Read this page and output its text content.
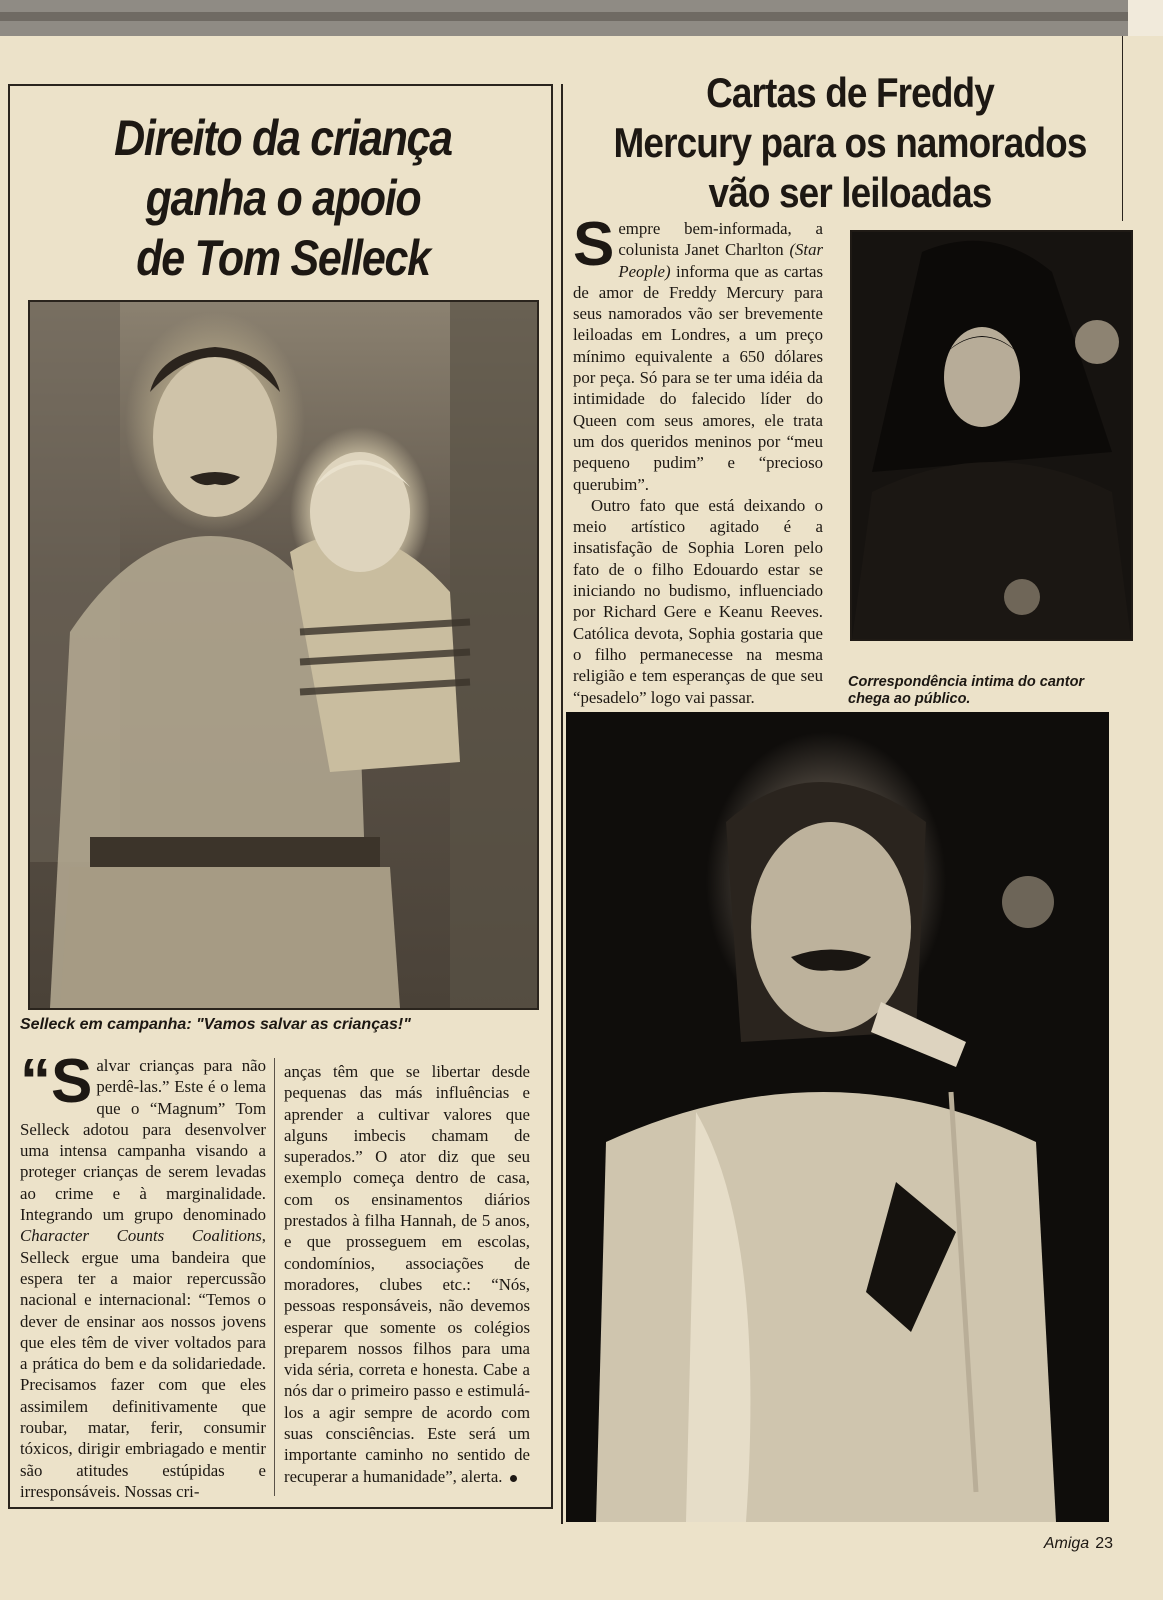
Direito da criança
ganha o apoio
de Tom Selleck

Selleck em campanha: "Vamos salvar as crianças!"

“Salvar crianças para não perdê-las.” Este é o lema que o “Magnum” Tom Selleck adotou para desenvolver uma intensa campanha visando a proteger crianças de serem levadas ao crime e à marginalidade. Integrando um grupo denominado Character Counts Coalitions, Selleck ergue uma bandeira que espera ter a maior repercussão nacional e internacional: “Temos o dever de ensinar aos nossos jovens que eles têm de viver voltados para a prática do bem e da solidariedade. Precisamos fazer com que eles assimilem definitivamente que roubar, matar, ferir, consumir tóxicos, dirigir embriagado e mentir são atitudes estúpidas e irresponsáveis. Nossas cri-

anças têm que se libertar desde pequenas das más influências e aprender a cultivar valores que alguns imbecis chamam de superados.” O ator diz que seu exemplo começa dentro de casa, com os ensinamentos diários prestados à filha Hannah, de 5 anos, e que prosseguem em escolas, condomínios, associações de moradores, clubes etc.: “Nós, pessoas responsáveis, não devemos esperar que somente os colégios preparem nossos filhos para uma vida séria, correta e honesta. Cabe a nós dar o primeiro passo e estimulá-los a agir sempre de acordo com suas consciências. Este será um importante caminho no sentido de recuperar a humanidade”, alerta.

Cartas de Freddy
Mercury para os namorados
vão ser leiloadas

Sempre bem-informada, a colunista Janet Charlton (Star People) informa que as cartas de amor de Freddy Mercury para seus namorados vão ser brevemente leiloadas em Londres, a um preço mínimo equivalente a 650 dólares por peça. Só para se ter uma idéia da intimidade do falecido líder do Queen com seus amores, ele trata um dos queridos meninos por “meu pequeno pudim” e “precioso querubim”.

Outro fato que está deixando o meio artístico agitado é a insatisfação de Sophia Loren pelo fato de o filho Edouardo estar se iniciando no budismo, influenciado por Richard Gere e Keanu Reeves. Católica devota, Sophia gostaria que o filho permanecesse na mesma religião e tem esperanças de que seu “pesadelo” logo vai passar.

Correspondência intima do cantor
chega ao público.

Amiga 23
